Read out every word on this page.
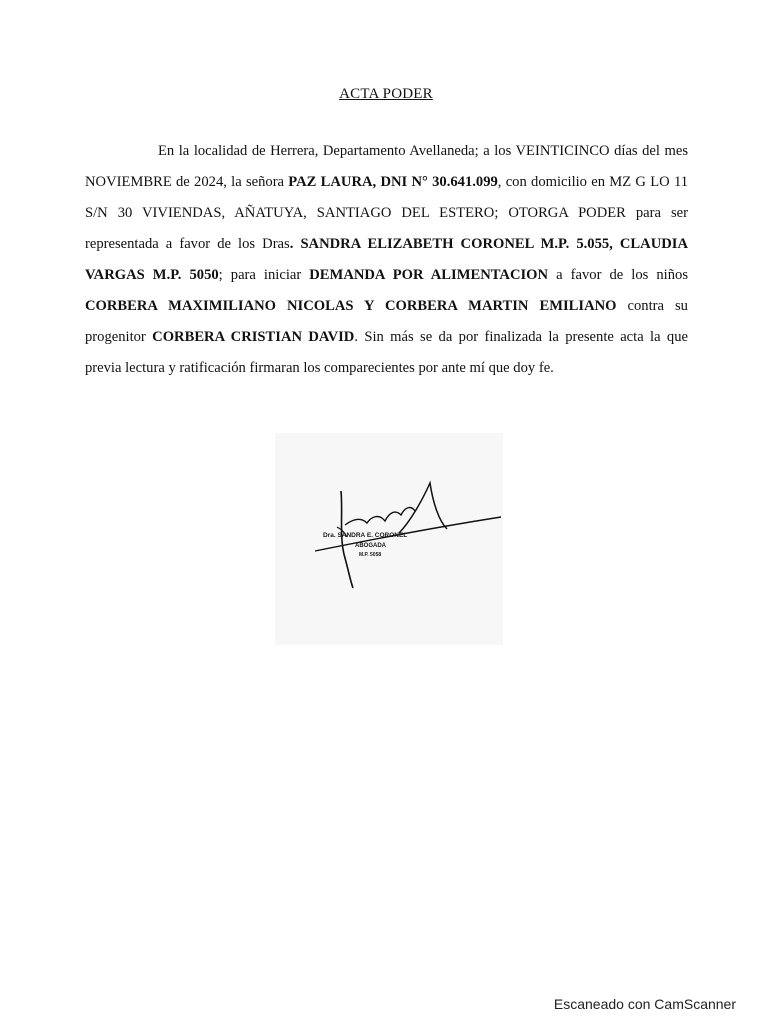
ACTA PODER

En la localidad de Herrera, Departamento Avellaneda; a los VEINTICINCO días del mes NOVIEMBRE de 2024, la señora PAZ LAURA, DNI N° 30.641.099, con domicilio en MZ G LO 11 S/N 30 VIVIENDAS, AÑATUYA, SANTIAGO DEL ESTERO; OTORGA PODER para ser representada a favor de los Dras. SANDRA ELIZABETH CORONEL M.P. 5.055, CLAUDIA VARGAS M.P. 5050; para iniciar DEMANDA POR ALIMENTACION a favor de los niños CORBERA MAXIMILIANO NICOLAS Y CORBERA MARTIN EMILIANO contra su progenitor CORBERA CRISTIAN DAVID. Sin más se da por finalizada la presente acta la que previa lectura y ratificación firmaran los comparecientes por ante mí que doy fe.

Dra. SANDRA E. CORONEL
ABOGADA
M.P. 5058
Escaneado con CamScanner
